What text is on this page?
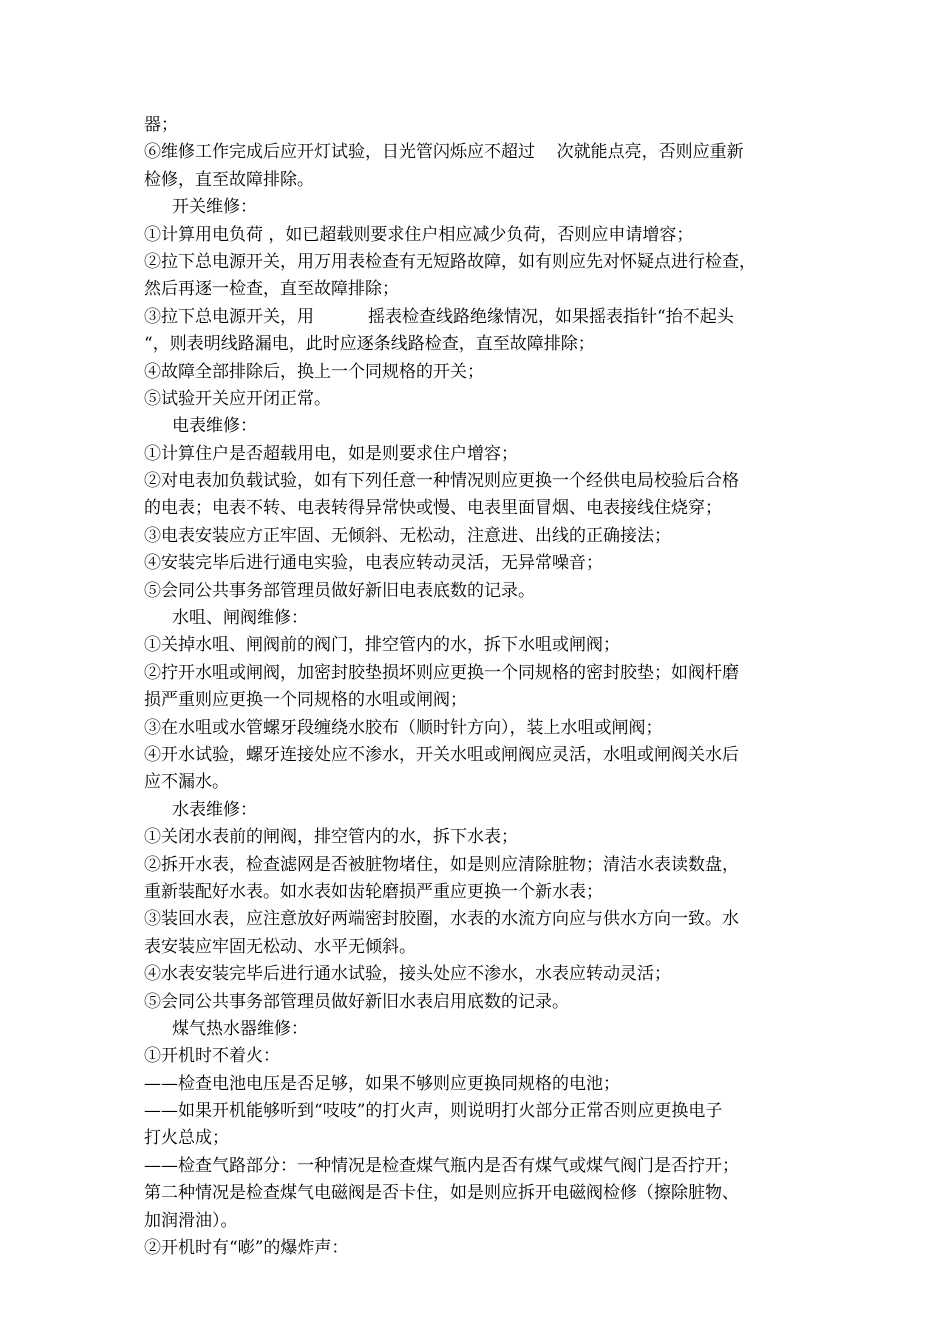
器；
⑥维修工作完成后应开灯试验，日光管闪烁应不超过    次就能点亮，否则应重新
检修，直至故障排除。
开关维修：
①计算用电负荷 ，如已超载则要求住户相应减少负荷，否则应申请增容；
②拉下总电源开关，用万用表检查有无短路故障，如有则应先对怀疑点进行检查，
然后再逐一检查，直至故障排除；
③拉下总电源开关，用          摇表检查线路绝缘情况，如果摇表指针“抬不起头
“，则表明线路漏电，此时应逐条线路检查，直至故障排除；
④故障全部排除后，换上一个同规格的开关；
⑤试验开关应开闭正常。
电表维修：
①计算住户是否超载用电，如是则要求住户增容；
②对电表加负载试验，如有下列任意一种情况则应更换一个经供电局校验后合格
的电表；电表不转、电表转得异常快或慢、电表里面冒烟、电表接线住烧穿；
③电表安装应方正牢固、无倾斜、无松动，注意进、出线的正确接法；
④安装完毕后进行通电实验，电表应转动灵活，无异常噪音；
⑤会同公共事务部管理员做好新旧电表底数的记录。
水咀、闸阀维修：
①关掉水咀、闸阀前的阀门，排空管内的水，拆下水咀或闸阀；
②拧开水咀或闸阀，加密封胶垫损坏则应更换一个同规格的密封胶垫；如阀杆磨
损严重则应更换一个同规格的水咀或闸阀；
③在水咀或水管螺牙段缠绕水胶布（顺时针方向），装上水咀或闸阀；
④开水试验，螺牙连接处应不渗水，开关水咀或闸阀应灵活，水咀或闸阀关水后
应不漏水。
水表维修：
①关闭水表前的闸阀，排空管内的水，拆下水表；
②拆开水表，检查滤网是否被脏物堵住，如是则应清除脏物；清洁水表读数盘，
重新装配好水表。如水表如齿轮磨损严重应更换一个新水表；
③装回水表，应注意放好两端密封胶圈，水表的水流方向应与供水方向一致。水
表安装应牢固无松动、水平无倾斜。
④水表安装完毕后进行通水试验，接头处应不渗水，水表应转动灵活；
⑤会同公共事务部管理员做好新旧水表启用底数的记录。
煤气热水器维修：
①开机时不着火：
——检查电池电压是否足够，如果不够则应更换同规格的电池；
——如果开机能够听到“吱吱”的打火声，则说明打火部分正常否则应更换电子
打火总成；
——检查气路部分：一种情况是检查煤气瓶内是否有煤气或煤气阀门是否拧开；
第二种情况是检查煤气电磁阀是否卡住，如是则应拆开电磁阀检修（擦除脏物、
加润滑油）。
②开机时有“嘭”的爆炸声：
